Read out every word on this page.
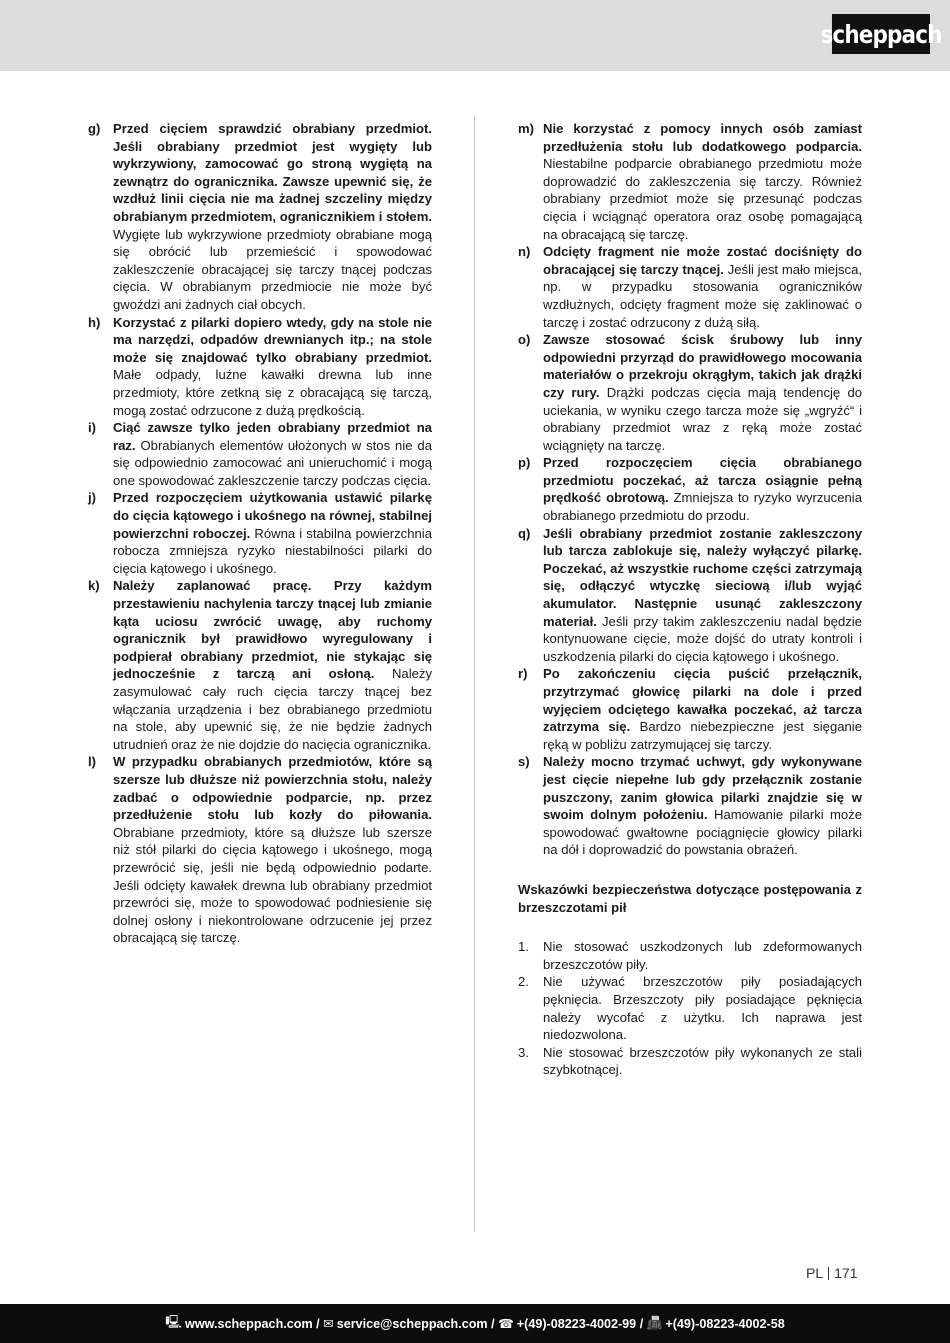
scheppach
g) Przed cięciem sprawdzić obrabiany przedmiot. Jeśli obrabiany przedmiot jest wygięty lub wykrzywiony, zamocować go stroną wygiętą na zewnątrz do ogranicznika. Zawsze upewnić się, że wzdłuż linii cięcia nie ma żadnej szczeliny między obrabianym przedmiotem, ogranicznikiem i stołem. Wygięte lub wykrzywione przedmioty obrabiane mogą się obrócić lub przemieścić i spowodować zakleszczenie obracającej się tarczy tnącej podczas cięcia. W obrabianym przedmiocie nie może być gwoździ ani żadnych ciał obcych.
h) Korzystać z pilarki dopiero wtedy, gdy na stole nie ma narzędzi, odpadów drewnianych itp.; na stole może się znajdować tylko obrabiany przedmiot. Małe odpady, luźne kawałki drewna lub inne przedmioty, które zetkną się z obracającą się tarczą, mogą zostać odrzucone z dużą prędkością.
i)	Ciąć zawsze tylko jeden obrabiany przedmiot na raz. Obrabianych elementów ułożonych w stos nie da się odpowiednio zamocować ani unieruchomić i mogą one spowodować zakleszczenie tarczy podczas cięcia.
j)	Przed rozpoczęciem użytkowania ustawić pilarkę do cięcia kątowego i ukośnego na równej, stabilnej powierzchni roboczej. Równa i stabilna powierzchnia robocza zmniejsza ryzyko niestabilności pilarki do cięcia kątowego i ukośnego.
k)	Należy zaplanować pracę. Przy każdym przestawieniu nachylenia tarczy tnącej lub zmianie kąta uciosu zwrócić uwagę, aby ruchomy ogranicznik był prawidłowo wyregulowany i podpierał obrabiany przedmiot, nie stykając się jednocześnie z tarczą ani osłoną. Należy zasymulować cały ruch cięcia tarczy tnącej bez włączania urządzenia i bez obrabianego przedmiotu na stole, aby upewnić się, że nie będzie żadnych utrudnień oraz że nie dojdzie do nacięcia ogranicznika.
l)	W przypadku obrabianych przedmiotów, które są szersze lub dłuższe niż powierzchnia stołu, należy zadbać o odpowiednie podparcie, np. przez przedłużenie stołu lub kozły do piłowania. Obrabiane przedmioty, które są dłuższe lub szersze niż stół pilarki do cięcia kątowego i ukośnego, mogą przewrócić się, jeśli nie będą odpowiednio podarte. Jeśli odcięty kawałek drewna lub obrabiany przedmiot przewróci się, może to spowodować podniesienie się dolnej osłony i niekontrolowane odrzucenie jej przez obracającą się tarczę.
m) Nie korzystać z pomocy innych osób zamiast przedłużenia stołu lub dodatkowego podparcia. Niestabilne podparcie obrabianego przedmiotu może doprowadzić do zakleszczenia się tarczy. Również obrabiany przedmiot może się przesunąć podczas cięcia i wciągnąć operatora oraz osobę pomagającą na obracającą się tarczę.
n) Odcięty fragment nie może zostać dociśnięty do obracającej się tarczy tnącej. Jeśli jest mało miejsca, np. w przypadku stosowania ograniczników wzdłużnych, odcięty fragment może się zaklinować o tarczę i zostać odrzucony z dużą siłą.
o) Zawsze stosować ścisk śrubowy lub inny odpowiedni przyrząd do prawidłowego mocowania materiałów o przekroju okrągłym, takich jak drążki czy rury. Drążki podczas cięcia mają tendencję do uciekania, w wyniku czego tarcza może się „wgryźć“ i obrabiany przedmiot wraz z ręką może zostać wciągnięty na tarczę.
p) Przed rozpoczęciem cięcia obrabianego przedmiotu poczekać, aż tarcza osiągnie pełną prędkość obrotową. Zmniejsza to ryzyko wyrzucenia obrabianego przedmiotu do przodu.
q) Jeśli obrabiany przedmiot zostanie zakleszczony lub tarcza zablokuje się, należy wyłączyć pilarkę. Poczekać, aż wszystkie ruchome części zatrzymają się, odłączyć wtyczkę sieciową i/lub wyjąć akumulator. Następnie usunąć zakleszczony materiał. Jeśli przy takim zakleszczeniu nadal będzie kontynuowane cięcie, może dojść do utraty kontroli i uszkodzenia pilarki do cięcia kątowego i ukośnego.
r)	Po zakończeniu cięcia puścić przełącznik, przytrzymać głowicę pilarki na dole i przed wyjęciem odciętego kawałka poczekać, aż tarcza zatrzyma się. Bardzo niebezpieczne jest sięganie ręką w pobliżu zatrzymującej się tarczy.
s)	Należy mocno trzymać uchwyt, gdy wykonywane jest cięcie niepełne lub gdy przełącznik zostanie puszczony, zanim głowica pilarki znajdzie się w swoim dolnym położeniu. Hamowanie pilarki może spowodować gwałtowne pociągnięcie głowicy pilarki na dół i doprowadzić do powstania obrażeń.
Wskazówki bezpieczeństwa dotyczące postępowania z brzeszczotami pił
1.	Nie stosować uszkodzonych lub zdeformowanych brzeszczotów piły.
2.	Nie używać brzeszczotów piły posiadających pęknięcia. Brzeszczoty piły posiadające pęknięcia należy wycofać z użytku. Ich naprawa jest niedozwolona.
3.	Nie stosować brzeszczotów piły wykonanych ze stali szybkotnącej.
PL 171
🖳 www.scheppach.com
/
✉ service@scheppach.com
/
☎ +(49)-08223-4002-99
/
📠 +(49)-08223-4002-58
